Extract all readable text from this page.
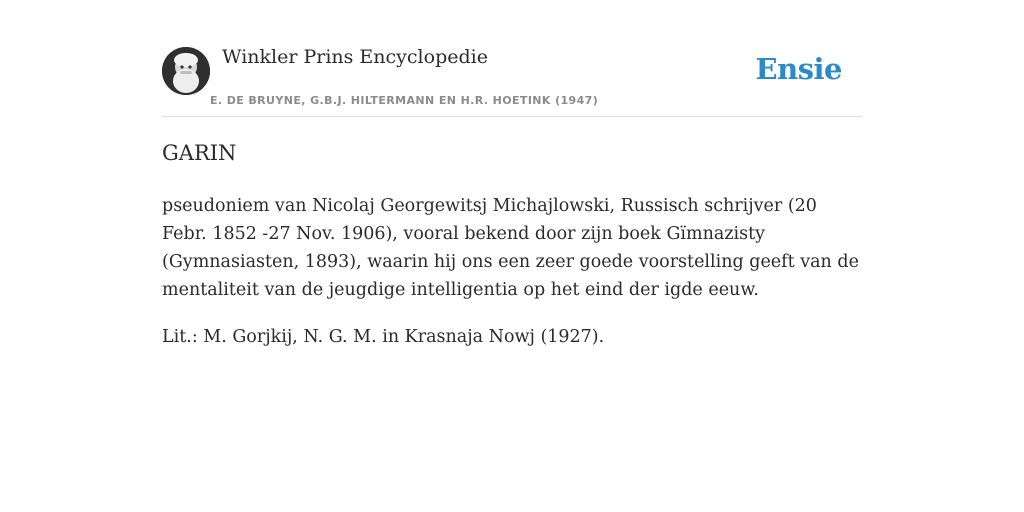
Winkler Prins Encyclopedie
E. DE BRUYNE, G.B.J. HILTERMANN EN H.R. HOETINK (1947)
Ensie
GARIN

pseudoniem van Nicolaj Georgewitsj Michajlowski, Russisch schrijver (20 Febr. 1852 -27 Nov. 1906), vooral bekend door zijn boek Gïmnazisty (Gymnasiasten, 1893), waarin hij ons een zeer goede voorstelling geeft van de mentaliteit van de jeugdige intelligentia op het eind der igde eeuw.

Lit.: M. Gorjkij, N. G. M. in Krasnaja Nowj (1927).
